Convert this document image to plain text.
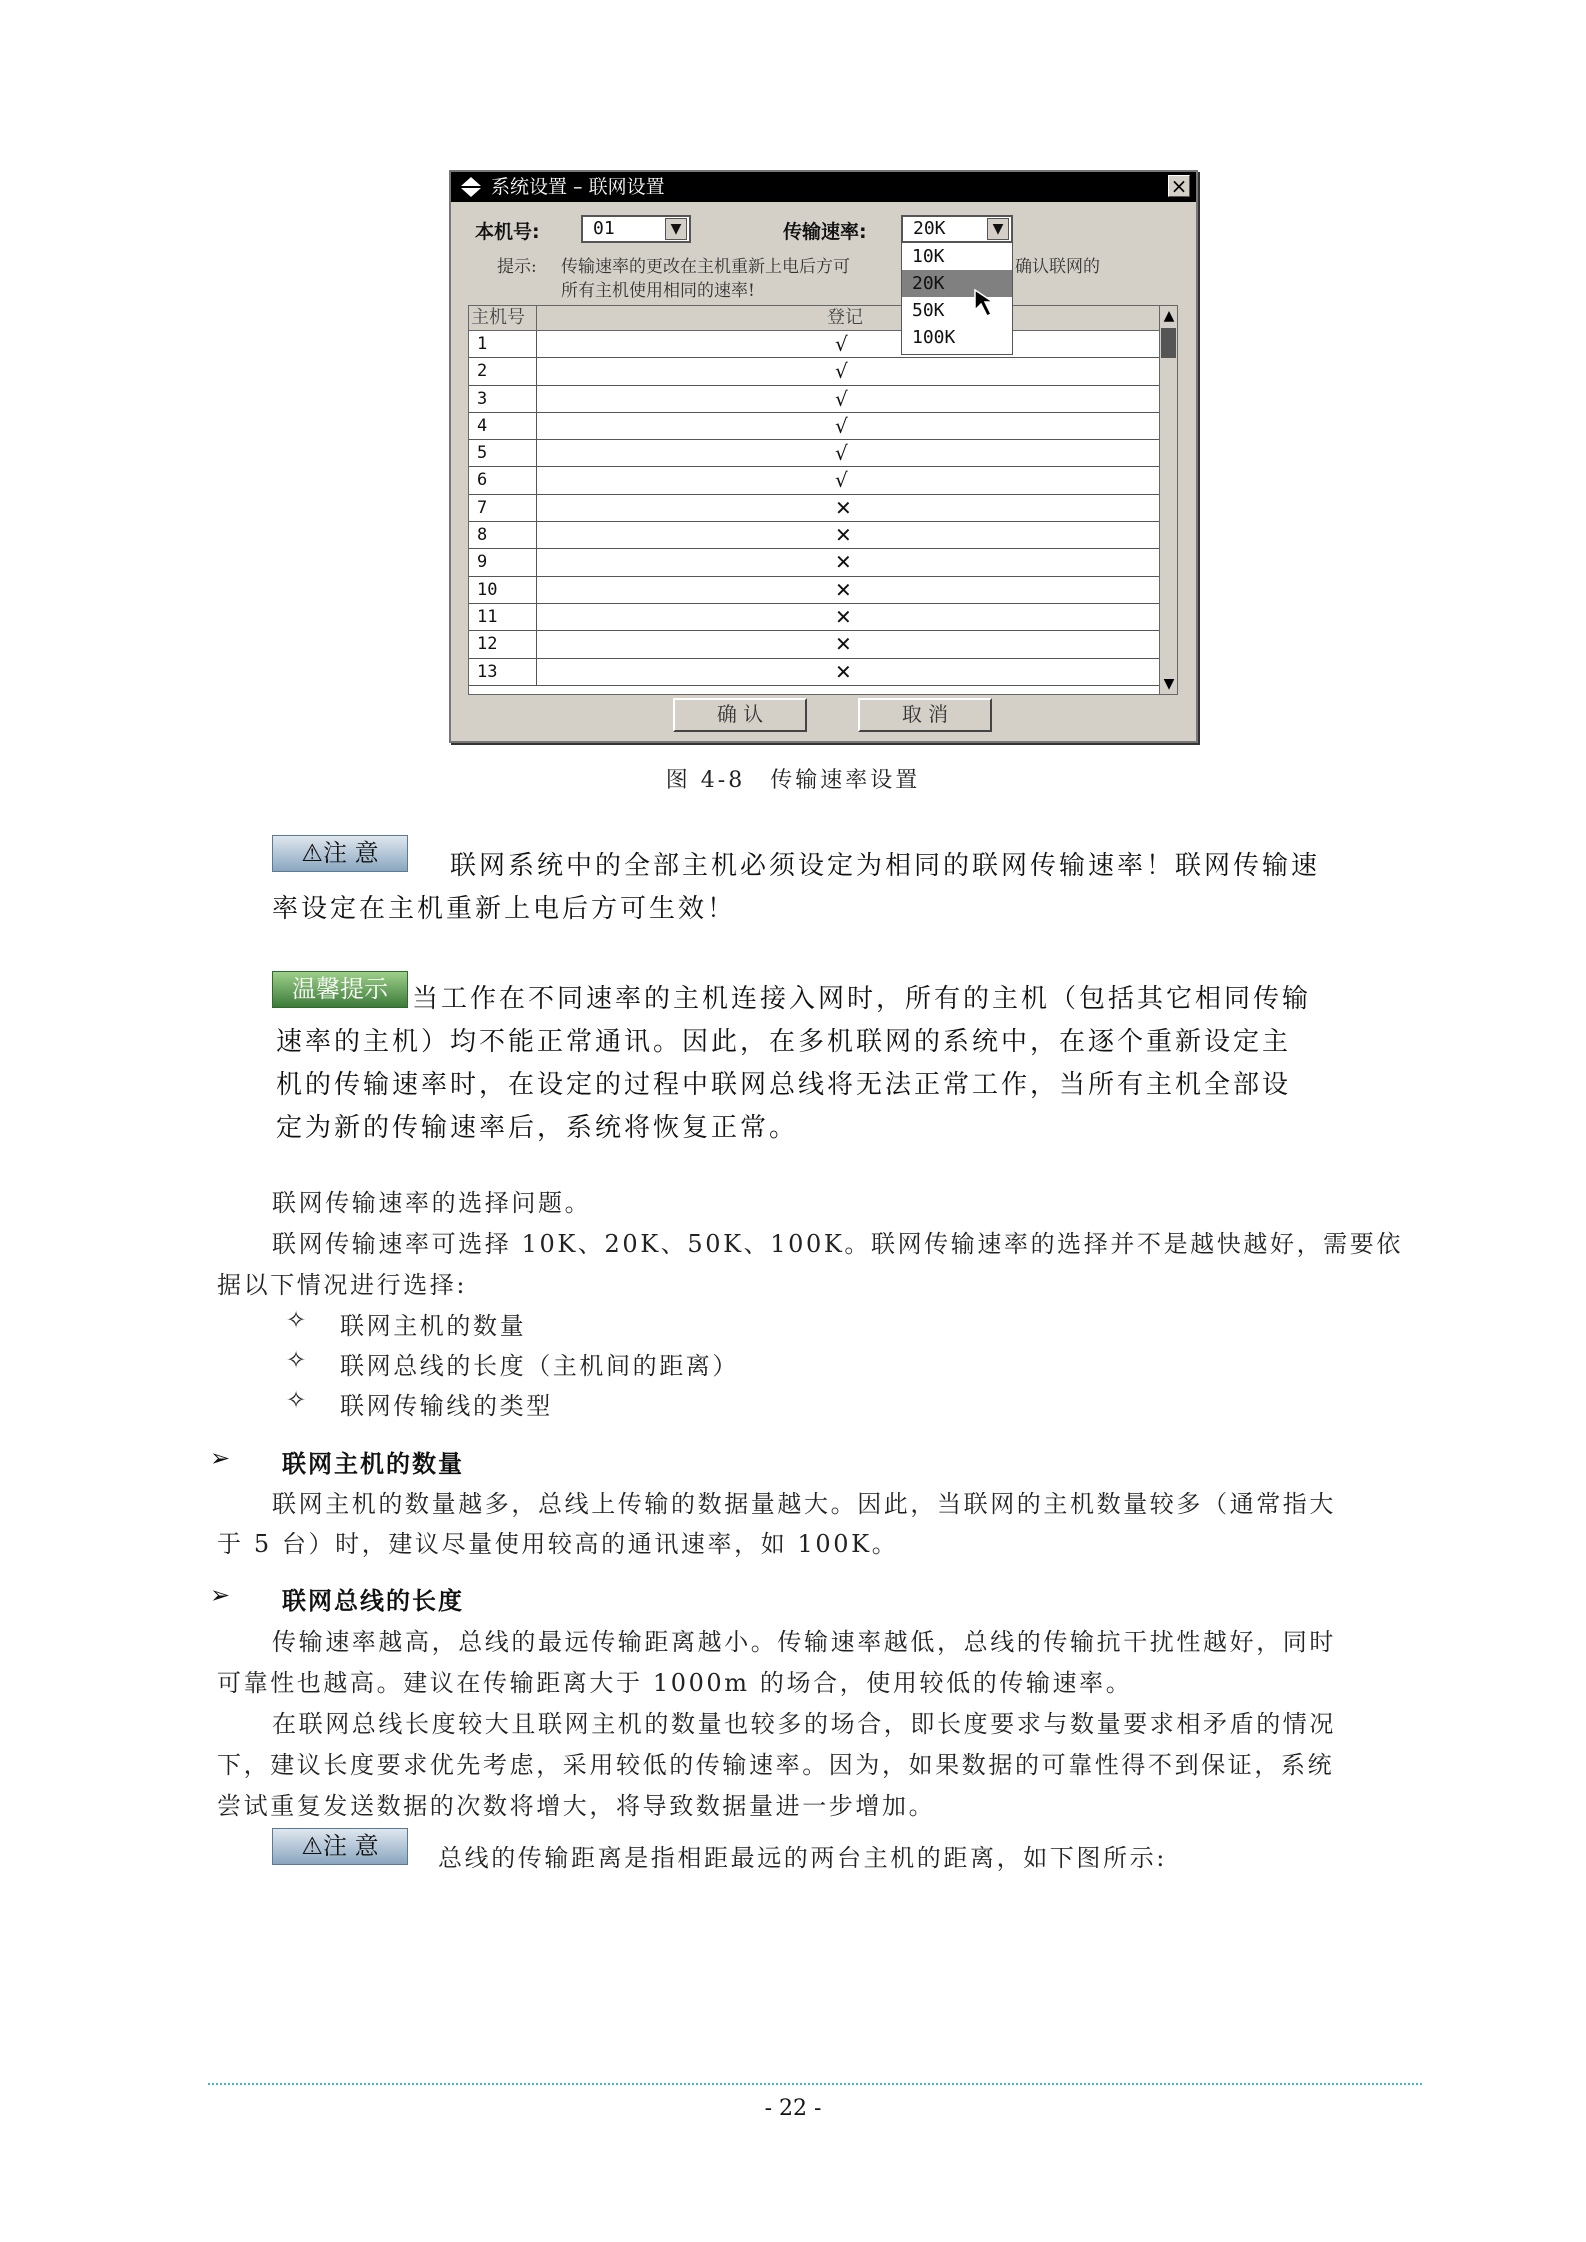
系统设置 – 联网设置	×
本机号:	01	▼	传输速率:	20K	▼
提示: 传输速率的更改在主机重新上电后方可	确认联网的
所有主机使用相同的速率!
主机号	登记
1	√
2	√
3	√
4	√
5	√
6	√
7	✕
8	✕
9	✕
10	✕
11	✕
12	✕
13	✕
▲
▼
确 认	取 消
10K
20K
50K
100K
图 4-8　传输速率设置
⚠注 意	联网系统中的全部主机必须设定为相同的联网传输速率！联网传输速
率设定在主机重新上电后方可生效！
温馨提示 当工作在不同速率的主机连接入网时，所有的主机（包括其它相同传输
速率的主机）均不能正常通讯。因此，在多机联网的系统中，在逐个重新设定主
机的传输速率时，在设定的过程中联网总线将无法正常工作，当所有主机全部设
定为新的传输速率后，系统将恢复正常。
联网传输速率的选择问题。
联网传输速率可选择 10K、20K、50K、100K。联网传输速率的选择并不是越快越好，需要依
据以下情况进行选择:
✧ 联网主机的数量
✧ 联网总线的长度（主机间的距离）
✧ 联网传输线的类型
➢ 联网主机的数量
联网主机的数量越多，总线上传输的数据量越大。因此，当联网的主机数量较多（通常指大
于 5 台）时，建议尽量使用较高的通讯速率，如 100K。
➢ 联网总线的长度
传输速率越高，总线的最远传输距离越小。传输速率越低，总线的传输抗干扰性越好，同时
可靠性也越高。建议在传输距离大于 1000m 的场合，使用较低的传输速率。
在联网总线长度较大且联网主机的数量也较多的场合，即长度要求与数量要求相矛盾的情况
下，建议长度要求优先考虑，采用较低的传输速率。因为，如果数据的可靠性得不到保证，系统
尝试重复发送数据的次数将增大，将导致数据量进一步增加。
⚠注 意	总线的传输距离是指相距最远的两台主机的距离，如下图所示:
- 22 -
